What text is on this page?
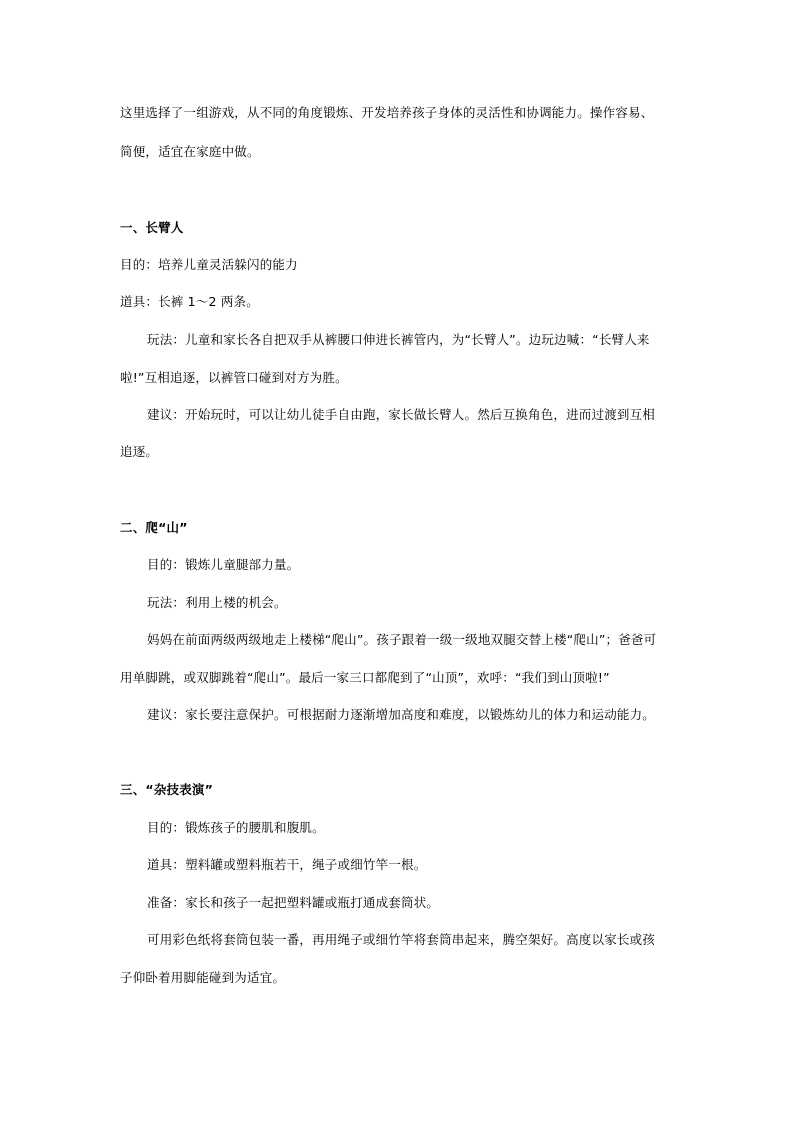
这里选择了一组游戏，从不同的角度锻炼、开发培养孩子身体的灵活性和协调能力。操作容易、
简便，适宜在家庭中做。
一、长臂人
目的：培养儿童灵活躲闪的能力
道具：长裤 1～2 两条。
玩法：儿童和家长各自把双手从裤腰口伸进长裤管内，为“长臂人”。边玩边喊：“长臂人来
啦!”互相追逐，以裤管口碰到对方为胜。
建议：开始玩时，可以让幼儿徒手自由跑，家长做长臂人。然后互换角色，进而过渡到互相
追逐。
二、爬“山”
目的：锻炼儿童腿部力量。
玩法：利用上楼的机会。
妈妈在前面两级两级地走上楼梯“爬山”。孩子跟着一级一级地双腿交替上楼“爬山”；爸爸可
用单脚跳，或双脚跳着“爬山”。最后一家三口都爬到了“山顶”，欢呼：“我们到山顶啦!”
建议：家长要注意保护。可根据耐力逐渐增加高度和难度，以锻炼幼儿的体力和运动能力。
三、“杂技表演”
目的：锻炼孩子的腰肌和腹肌。
道具：塑料罐或塑料瓶若干，绳子或细竹竿一根。
准备：家长和孩子一起把塑料罐或瓶打通成套筒状。
可用彩色纸将套筒包装一番，再用绳子或细竹竿将套筒串起来，腾空架好。高度以家长或孩
子仰卧着用脚能碰到为适宜。
